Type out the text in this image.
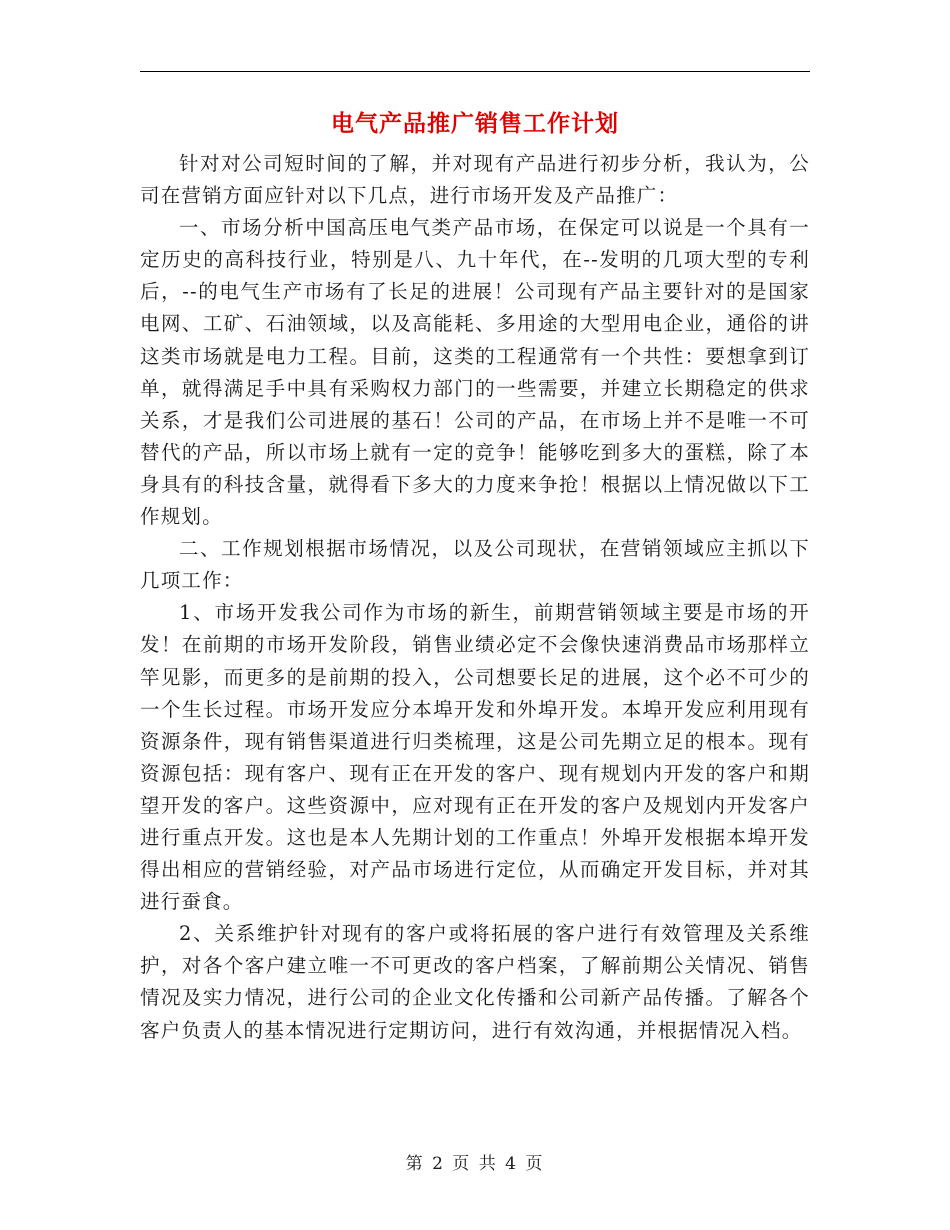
电气产品推广销售工作计划

针对对公司短时间的了解，并对现有产品进行初步分析，我认为，公司在营销方面应针对以下几点，进行市场开发及产品推广：

一、市场分析中国高压电气类产品市场，在保定可以说是一个具有一定历史的高科技行业，特别是八、九十年代，在--发明的几项大型的专利后，--的电气生产市场有了长足的进展！公司现有产品主要针对的是国家电网、工矿、石油领域，以及高能耗、多用途的大型用电企业，通俗的讲这类市场就是电力工程。目前，这类的工程通常有一个共性：要想拿到订单，就得满足手中具有采购权力部门的一些需要，并建立长期稳定的供求关系，才是我们公司进展的基石！公司的产品，在市场上并不是唯一不可替代的产品，所以市场上就有一定的竞争！能够吃到多大的蛋糕，除了本身具有的科技含量，就得看下多大的力度来争抢！根据以上情况做以下工作规划。

二、工作规划根据市场情况，以及公司现状，在营销领域应主抓以下几项工作：

1、市场开发我公司作为市场的新生，前期营销领域主要是市场的开发！在前期的市场开发阶段，销售业绩必定不会像快速消费品市场那样立竿见影，而更多的是前期的投入，公司想要长足的进展，这个必不可少的一个生长过程。市场开发应分本埠开发和外埠开发。本埠开发应利用现有资源条件，现有销售渠道进行归类梳理，这是公司先期立足的根本。现有资源包括：现有客户、现有正在开发的客户、现有规划内开发的客户和期望开发的客户。这些资源中，应对现有正在开发的客户及规划内开发客户进行重点开发。这也是本人先期计划的工作重点！外埠开发根据本埠开发得出相应的营销经验，对产品市场进行定位，从而确定开发目标，并对其进行蚕食。

2、关系维护针对现有的客户或将拓展的客户进行有效管理及关系维护，对各个客户建立唯一不可更改的客户档案，了解前期公关情况、销售情况及实力情况，进行公司的企业文化传播和公司新产品传播。了解各个客户负责人的基本情况进行定期访问，进行有效沟通，并根据情况入档。

第 2 页 共 4 页
